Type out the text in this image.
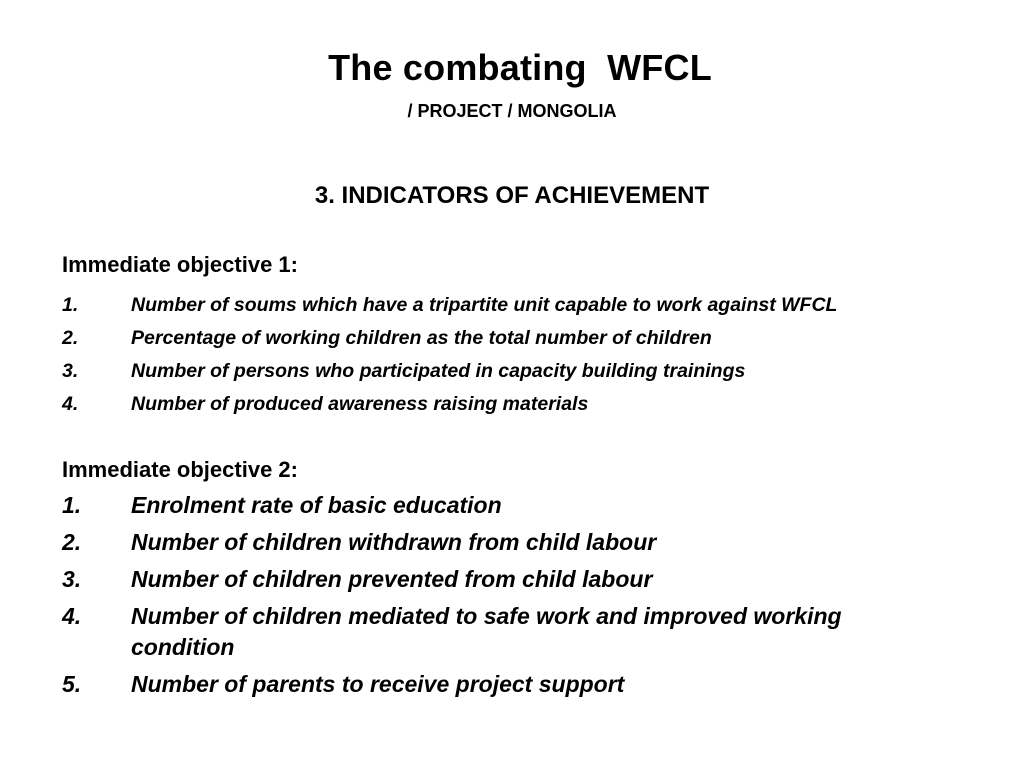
The combating  WFCL
/ PROJECT / MONGOLIA
3. INDICATORS OF ACHIEVEMENT
Immediate objective 1:
1.	Number of soums which have a tripartite unit capable to work against WFCL
2.	Percentage of working children as the total number of children
3.	Number of persons who participated in capacity building trainings
4.	Number of produced awareness raising materials
Immediate objective 2:
1. Enrolment rate of basic education
2. Number of children withdrawn from child labour
3. Number of children prevented from child labour
4. Number of children mediated to safe work and improved working condition
5. Number of parents to receive project support
